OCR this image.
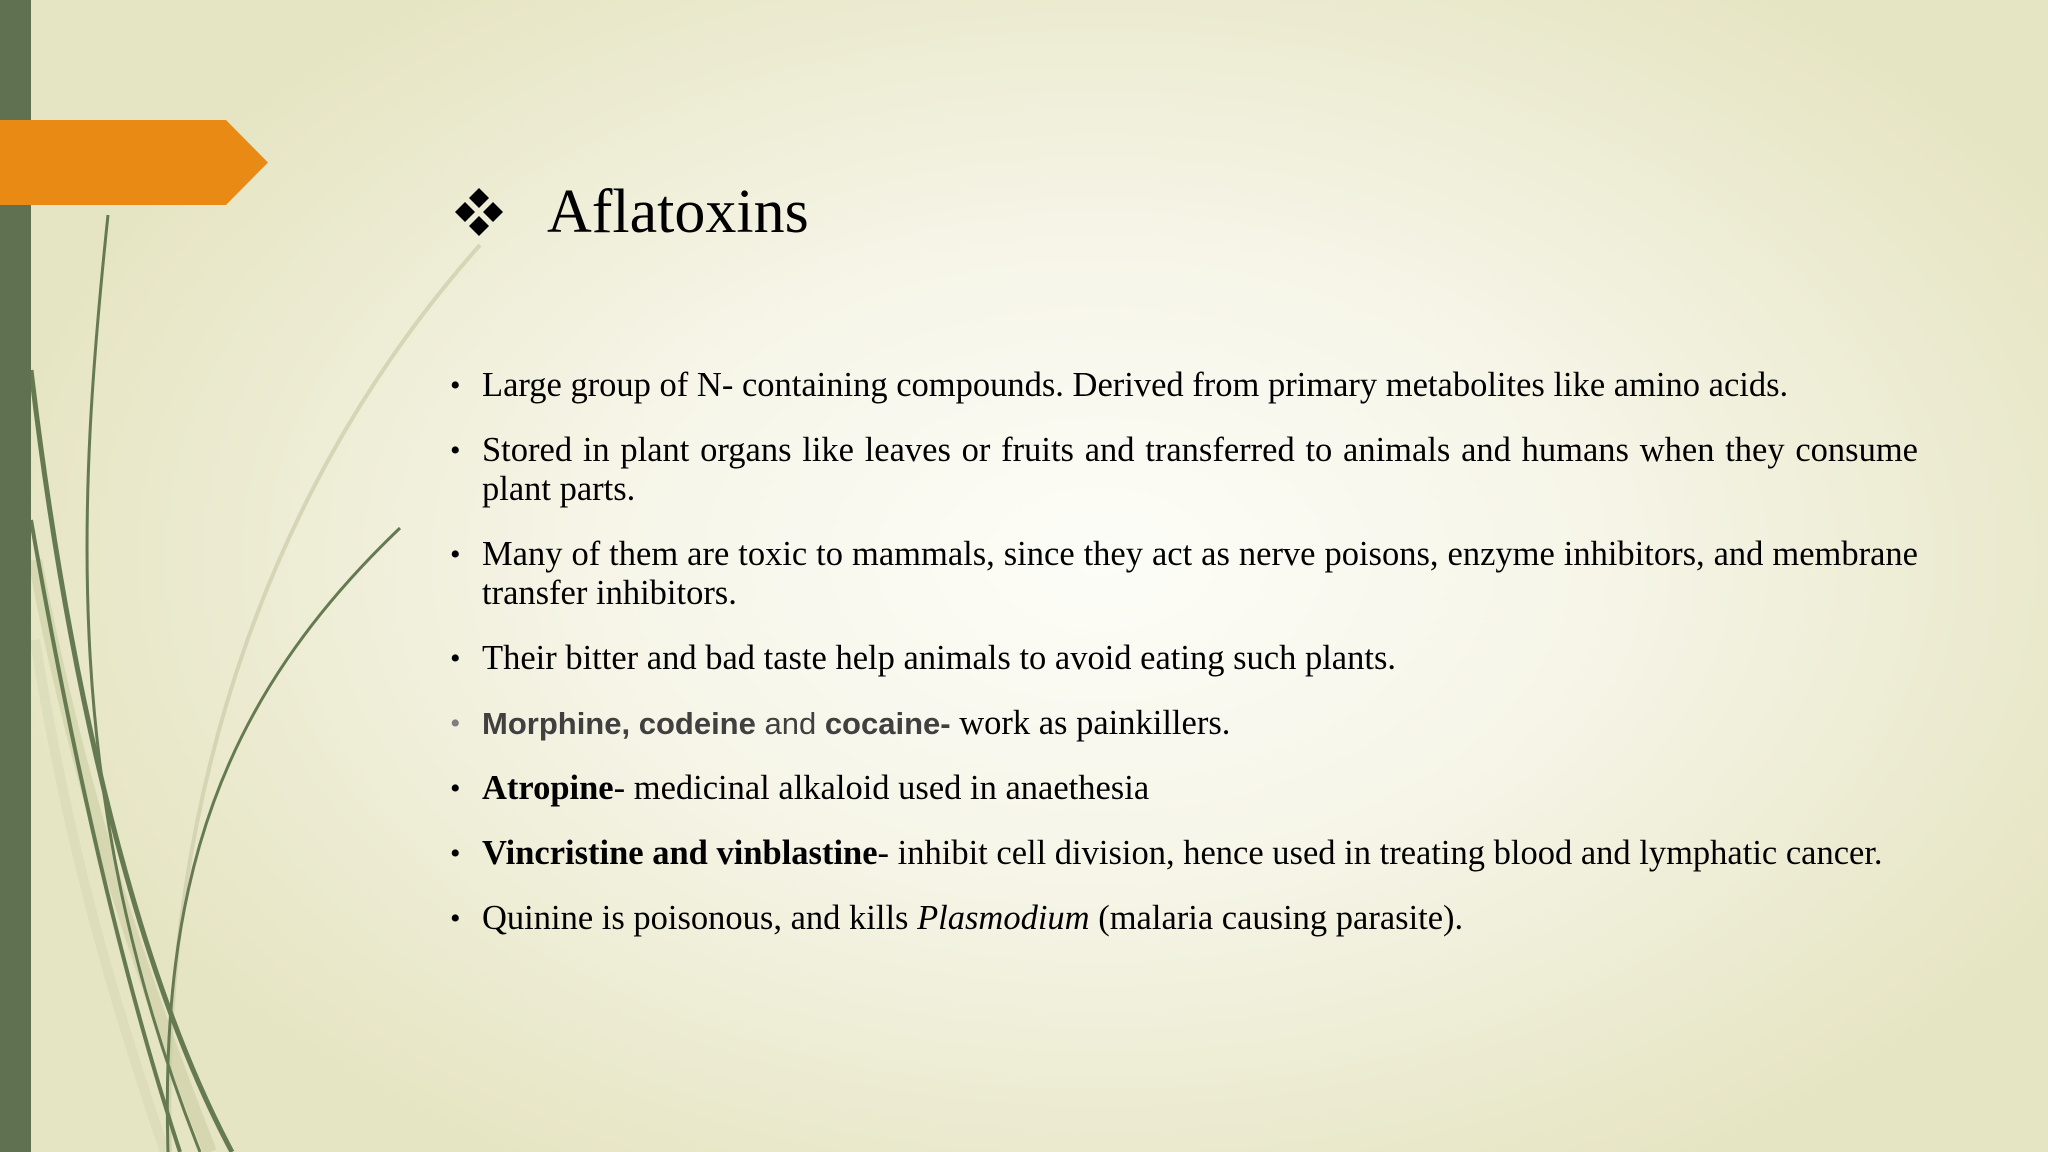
Aflatoxins
• Large group of N- containing compounds. Derived from primary metabolites like amino acids.
• Stored in plant organs like leaves or fruits and transferred to animals and humans when they consume plant parts.
• Many of them are toxic to mammals, since they act as nerve poisons, enzyme inhibitors, and membrane transfer inhibitors.
• Their bitter and bad taste help animals to avoid eating such plants.
• Morphine, codeine and cocaine- work as painkillers.
• Atropine- medicinal alkaloid used in anaethesia
• Vincristine and vinblastine- inhibit cell division, hence used in treating blood and lymphatic cancer.
• Quinine is poisonous, and kills Plasmodium (malaria causing parasite).
